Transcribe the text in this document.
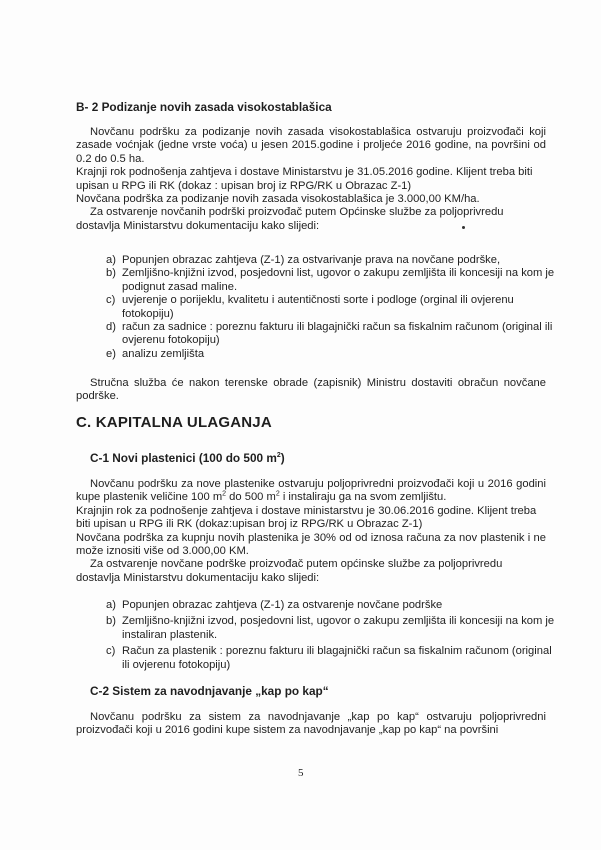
B- 2 Podizanje novih zasada visokostablašica

Novčanu podršku za podizanje novih zasada visokostablašica ostvaruju proizvođači koji zasade voćnjak (jedne vrste voća) u jesen 2015.godine i proljeće 2016 godine, na površini od 0.2 do 0.5 ha.

Krajnji rok podnošenja zahtjeva i dostave Ministarstvu je 31.05.2016 godine. Klijent treba biti upisan u RPG ili RK (dokaz : upisan broj iz RPG/RK u Obrazac Z-1)

Novčana podrška za podizanje novih zasada visokostablašica je 3.000,00 KM/ha.

Za ostvarenje novčanih podrški proizvođač putem Općinske službe za poljoprivredu dostavlja Ministarstvu dokumentaciju kako slijedi:

a) Popunjen obrazac zahtjeva (Z-1) za ostvarivanje prava na novčane podrške,
b) Zemljišno-knjižni izvod, posjedovni list, ugovor o zakupu zemljišta ili koncesiji na kom je podignut zasad maline.
c) uvjerenje o porijeklu, kvalitetu i autentičnosti sorte i podloge (orginal ili ovjerenu fotokopiju)
d) račun za sadnice : poreznu fakturu ili blagajnički račun sa fiskalnim računom (original ili ovjerenu fotokopiju)
e) analizu zemljišta
Stručna služba će nakon terenske obrade (zapisnik) Ministru dostaviti obračun novčane podrške.
C. KAPITALNA ULAGANJA
C-1 Novi plastenici (100 do 500 $m^2$)

Novčanu podršku za nove plastenike ostvaruju poljoprivredni proizvođači koji u 2016 godini kupe plastenik veličine 100 $m^2$ do 500 $m^2$ i instaliraju ga na svom zemljištu.

Krajnjin rok za podnošenje zahtjeva i dostave ministarstvu je 30.06.2016 godine. Klijent treba biti upisan u RPG ili RK (dokaz:upisan broj iz RPG/RK u Obrazac Z-1)

Novčana podrška za kupnju novih plastenika je 30% od od iznosa računa za nov plastenik i ne može iznositi više od 3.000,00 KM.

Za ostvarenje novčane podrške proizvođač putem općinske službe za poljoprivredu dostavlja Ministarstvu dokumentaciju kako slijedi:

a) Popunjen obrazac zahtjeva (Z-1) za ostvarenje novčane podrške
b) Zemljišno-knjižni izvod, posjedovni list, ugovor o zakupu zemljišta ili koncesiji na kom je instaliran plastenik.
c) Račun za plastenik : poreznu fakturu ili blagajnički račun sa fiskalnim računom (original ili ovjerenu fotokopiju)
C-2 Sistem za navodnjavanje „kap po kap“
Novčanu podršku za sistem za navodnjavanje „kap po kap“ ostvaruju poljoprivredni proizvođači koji u 2016 godini kupe sistem za navodnjavanje „kap po kap“ na površini
5
